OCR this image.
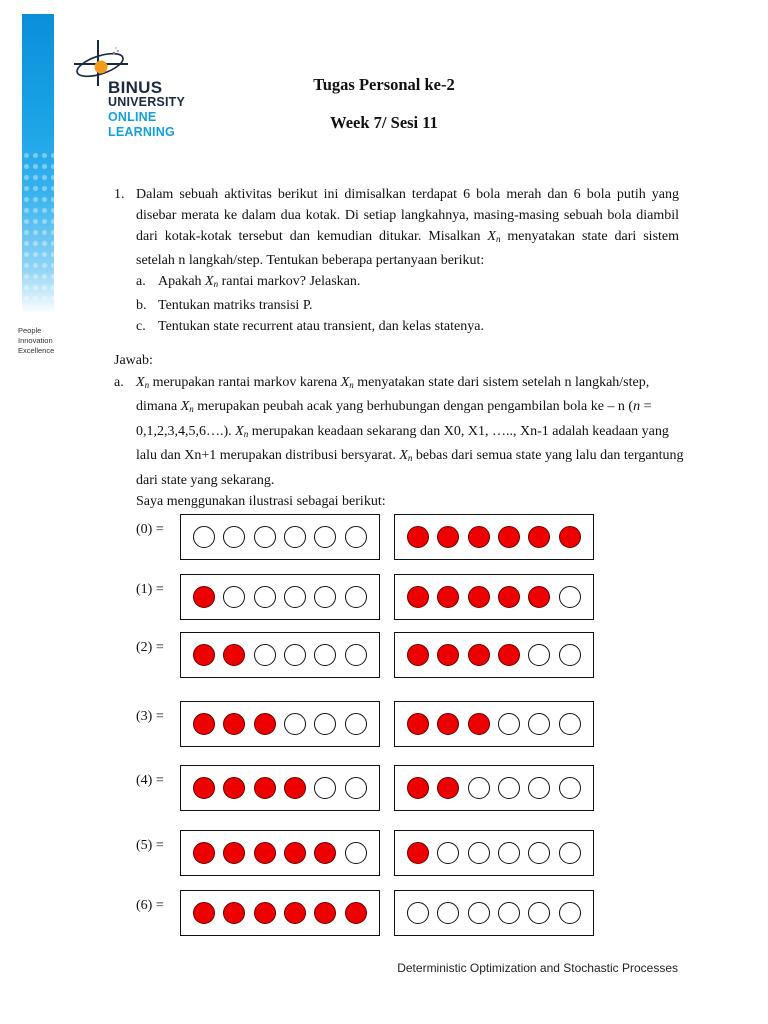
People
Innovation
Excellence
BINUS
UNIVERSITY
ONLINE
LEARNING
Tugas Personal ke-2
Week 7/ Sesi 11
1. Dalam sebuah aktivitas berikut ini dimisalkan terdapat 6 bola merah dan 6 bola putih yang disebar merata ke dalam dua kotak. Di setiap langkahnya, masing-masing sebuah bola diambil dari kotak-kotak tersebut dan kemudian ditukar. Misalkan $X_n$ menyatakan state dari sistem setelah n langkah/step. Tentukan beberapa pertanyaan berikut:
a. Apakah $X_n$ rantai markov? Jelaskan.
b. Tentukan matriks transisi P.
c. Tentukan state recurrent atau transient, dan kelas statenya.
Jawab:
a. $X_n$ merupakan rantai markov karena $X_n$ menyatakan state dari sistem setelah n langkah/step, dimana $X_n$ merupakan peubah acak yang berhubungan dengan pengambilan bola ke – n (n = 0,1,2,3,4,5,6….). $X_n$ merupakan keadaan sekarang dan X0, X1, ….., Xn-1 adalah keadaan yang lalu dan Xn+1 merupakan distribusi bersyarat. $X_n$ bebas dari semua state yang lalu dan tergantung dari state yang sekarang.
Saya menggunakan ilustrasi sebagai berikut:
(0) =
(1) =
(2) =
(3) =
(4) =
(5) =
(6) =
Deterministic Optimization and Stochastic Processes
